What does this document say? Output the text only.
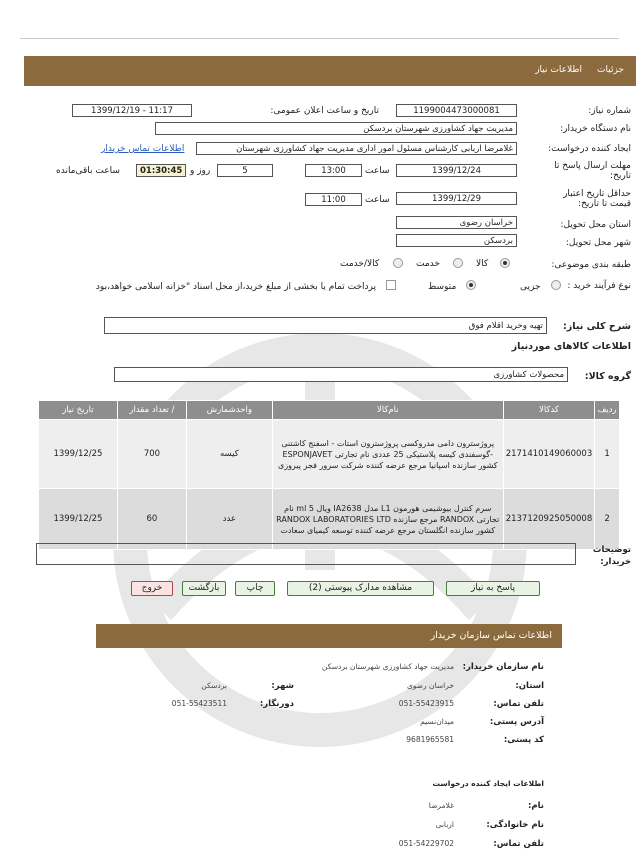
جزئیات
اطلاعات نیاز
شماره نیاز:
1199004473000081
تاریخ و ساعت اعلان عمومی:
1399/12/19 - 11:17
نام دستگاه خریدار:
مدیریت جهاد کشاورزی شهرستان بردسکن
ایجاد کننده درخواست:
غلامرضا اربابی کارشناس مسئول امور اداری مدیریت جهاد کشاورزی شهرستان
اطلاعات تماس خریدار
مهلت ارسال پاسخ تا تاریخ:
1399/12/24
ساعت
13:00
5
روز و
01:30:45
ساعت باقی‌مانده
حداقل تاریخ اعتبار قیمت تا تاریخ:
1399/12/29
ساعت
11:00
استان محل تحویل:
خراسان رضوی
شهر محل تحویل:
بردسکن
طبقه بندی موضوعی:
کالا
خدمت
کالا/خدمت
نوع فرآیند خرید :
جزیی
متوسط
پرداخت تمام یا بخشی از مبلغ خرید،از محل اسناد "خزانه اسلامی خواهد،بود
شرح کلی نیاز:
تهیه وخرید اقلام فوق
اطلاعات کالاهای موردنیاز
گروه کالا:
محصولات کشاورزی
ردیف	کدکالا	نام‌کالا	واحدشمارش	/ تعداد مقدار	تاریخ نیاز
1	2171410149060003	پروژسترون دامی مدروکسی پروژسترون استات - اسفنج کاشتنی -گوسفندی کیسه پلاستیکی 25 عددی نام تجارتی ESPONJAVET کشور سازنده اسپانیا مرجع عرضه کننده شرکت سرور فجر پیروزی	کیسه	700	1399/12/25
2	2137120925050008	سرم کنترل بیوشیمی هورمون L1 مدل IA2638 ویال 5 ml نام تجارتی RANDOX مرجع سازنده RANDOX LABORATORIES LTD کشور سازنده انگلستان مرجع عرضه کننده توسعه کیمیای سعادت	عدد	60	1399/12/25
توضیحات خریدار:
پاسخ به نیاز
مشاهده مدارک پیوستی (2)
چاپ
بازگشت
خروج
اطلاعات تماس سازمان خریدار
نام سازمان خریدار:
مدیریت جهاد کشاورزی شهرستان بردسکن
استان:
خراسان رضوی
شهر:
بردسکن
تلفن تماس:
051-55423915
دورنگار:
051-55423511
آدرس پستی:
میدان‌نسیم
کد پستی:
9681965581
اطلاعات ایجاد کننده درخواست
نام:
غلامرضا
نام خانوادگی:
اربابی
تلفن تماس:
051-54229702
